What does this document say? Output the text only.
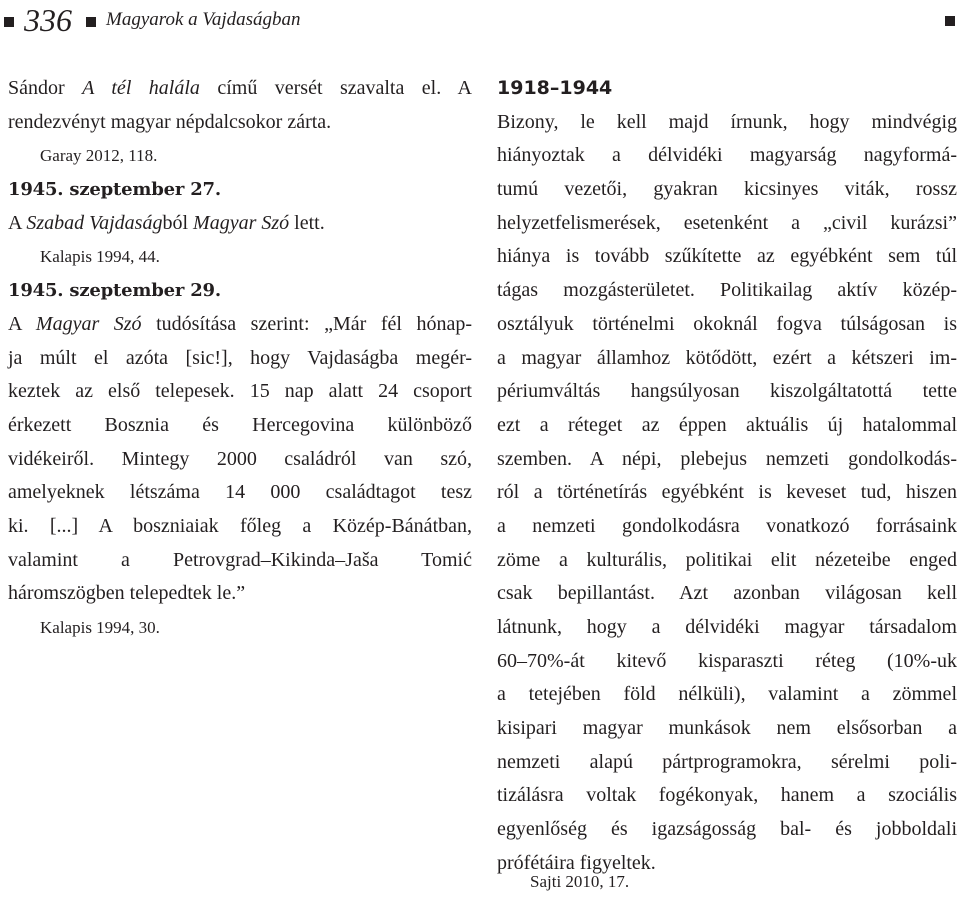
336 Magyarok a Vajdaságban
Sándor A tél halála című versét szavalta el. A
rendezvényt magyar népdalcsokor zárta.
Garay 2012, 118.
1945. szeptember 27.
A Szabad Vajdaságból Magyar Szó lett.
Kalapis 1994, 44.
1945. szeptember 29.
A Magyar Szó tudósítása szerint: „Már fél hónap-
ja múlt el azóta [sic!], hogy Vajdaságba megér-
keztek az első telepesek. 15 nap alatt 24 csoport
érkezett Bosznia és Hercegovina különböző
vidékeiről. Mintegy 2000 családról van szó,
amelyeknek létszáma 14 000 családtagot tesz
ki. [...] A boszniaiak főleg a Közép-Bánátban,
valamint a Petrovgrad–Kikinda–Jaša Tomić
háromszögben telepedtek le.”
Kalapis 1994, 30.
1918–1944
Bizony, le kell majd írnunk, hogy mindvégig
hiányoztak a délvidéki magyarság nagyformá-
tumú vezetői, gyakran kicsinyes viták, rossz
helyzetfelismerések, esetenként a „civil kurázsi”
hiánya is tovább szűkítette az egyébként sem túl
tágas mozgásterületet. Politikailag aktív közép-
osztályuk történelmi okoknál fogva túlságosan is
a magyar államhoz kötődött, ezért a kétszeri im-
périumváltás hangsúlyosan kiszolgáltatottá tette
ezt a réteget az éppen aktuális új hatalommal
szemben. A népi, plebejus nemzeti gondolkodás-
ról a történetírás egyébként is keveset tud, hiszen
a nemzeti gondolkodásra vonatkozó forrásaink
zöme a kulturális, politikai elit nézeteibe enged
csak bepillantást. Azt azonban világosan kell
látnunk, hogy a délvidéki magyar társadalom
60–70%-át kitevő kisparaszti réteg (10%-uk
a tetejében föld nélküli), valamint a zömmel
kisipari magyar munkások nem elsősorban a
nemzeti alapú pártprogramokra, sérelmi poli-
tizálásra voltak fogékonyak, hanem a szociális
egyenlőség és igazságosság bal- és jobboldali
prófétáira figyeltek.
Sajti 2010, 17.
